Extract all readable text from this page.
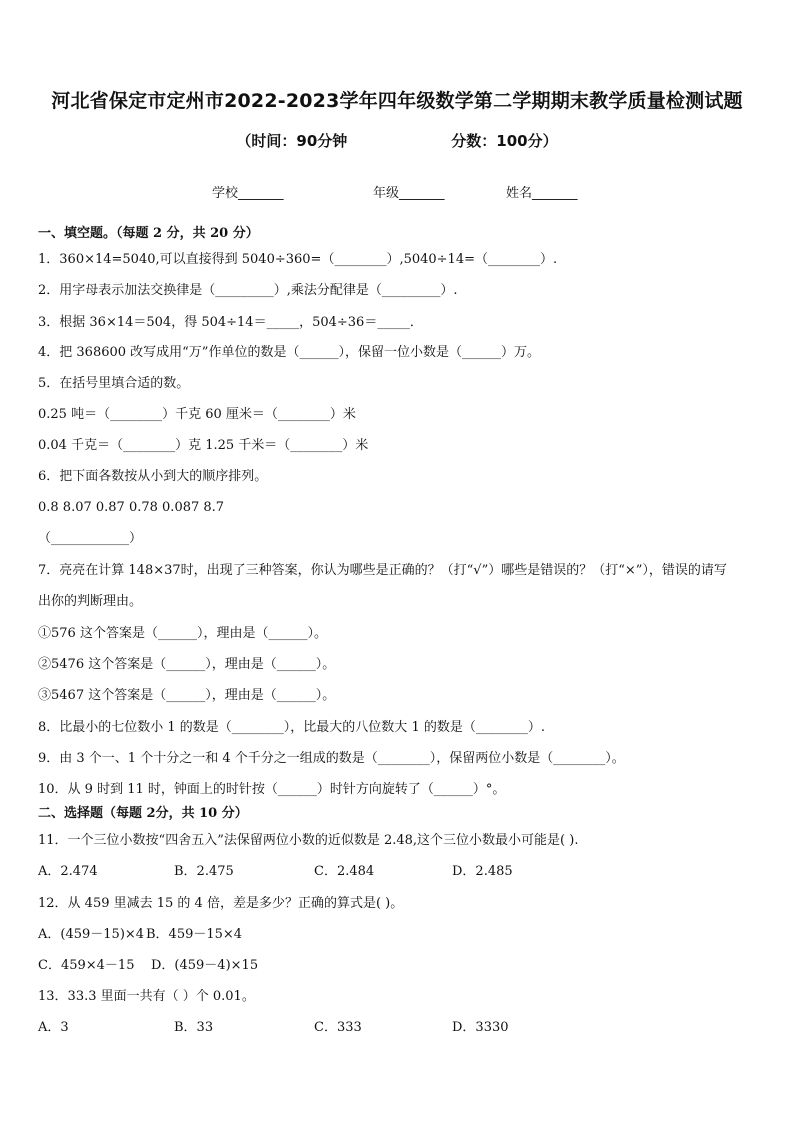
河北省保定市定州市2022-2023学年四年级数学第二学期期末教学质量检测试题
（时间：90分钟	分数：100分）
学校_______	年级_______	姓名_______
一、填空题。（每题 2 分，共 20 分）
1．360×14=5040,可以直接得到 5040÷360=（________）,5040÷14=（________）.
2．用字母表示加法交换律是（_________）,乘法分配律是（_________）.
3．根据 36×14＝504，得 504÷14＝_____，504÷36＝_____．
4．把 368600 改写成用“万”作单位的数是（______），保留一位小数是（______）万。
5．在括号里填合适的数。
0.25 吨＝（________）千克 60 厘米＝（________）米
0.04 千克＝（________）克 1.25 千米＝（________）米
6．把下面各数按从小到大的顺序排列。
0.8 8.07 0.87 0.78 0.087 8.7
（____________）
7．亮亮在计算 148×37时，出现了三种答案，你认为哪些是正确的？（打“√”）哪些是错误的？（打“×”），错误的请写
出你的判断理由。
①576 这个答案是（______），理由是（______）。
②5476 这个答案是（______），理由是（______）。
③5467 这个答案是（______），理由是（______）。
8．比最小的七位数小 1 的数是（________），比最大的八位数大 1 的数是（________）.
9．由 3 个一、1 个十分之一和 4 个千分之一组成的数是（________），保留两位小数是（________）。
10．从 9 时到 11 时，钟面上的时针按（______）时针方向旋转了（______）°。
二、选择题（每题 2分，共 10 分）
11．一个三位小数按“四舍五入”法保留两位小数的近似数是 2.48,这个三位小数最小可能是( ).
A．2.474	B．2.475	C．2.484	D．2.485
12．从 459 里减去 15 的 4 倍，差是多少？正确的算式是( )。
A．(459－15)×4 B．459－15×4
C．459×4－15 D．(459－4)×15
13．33.3 里面一共有（ ）个 0.01。
A．3	B．33	C．333	D．3330
